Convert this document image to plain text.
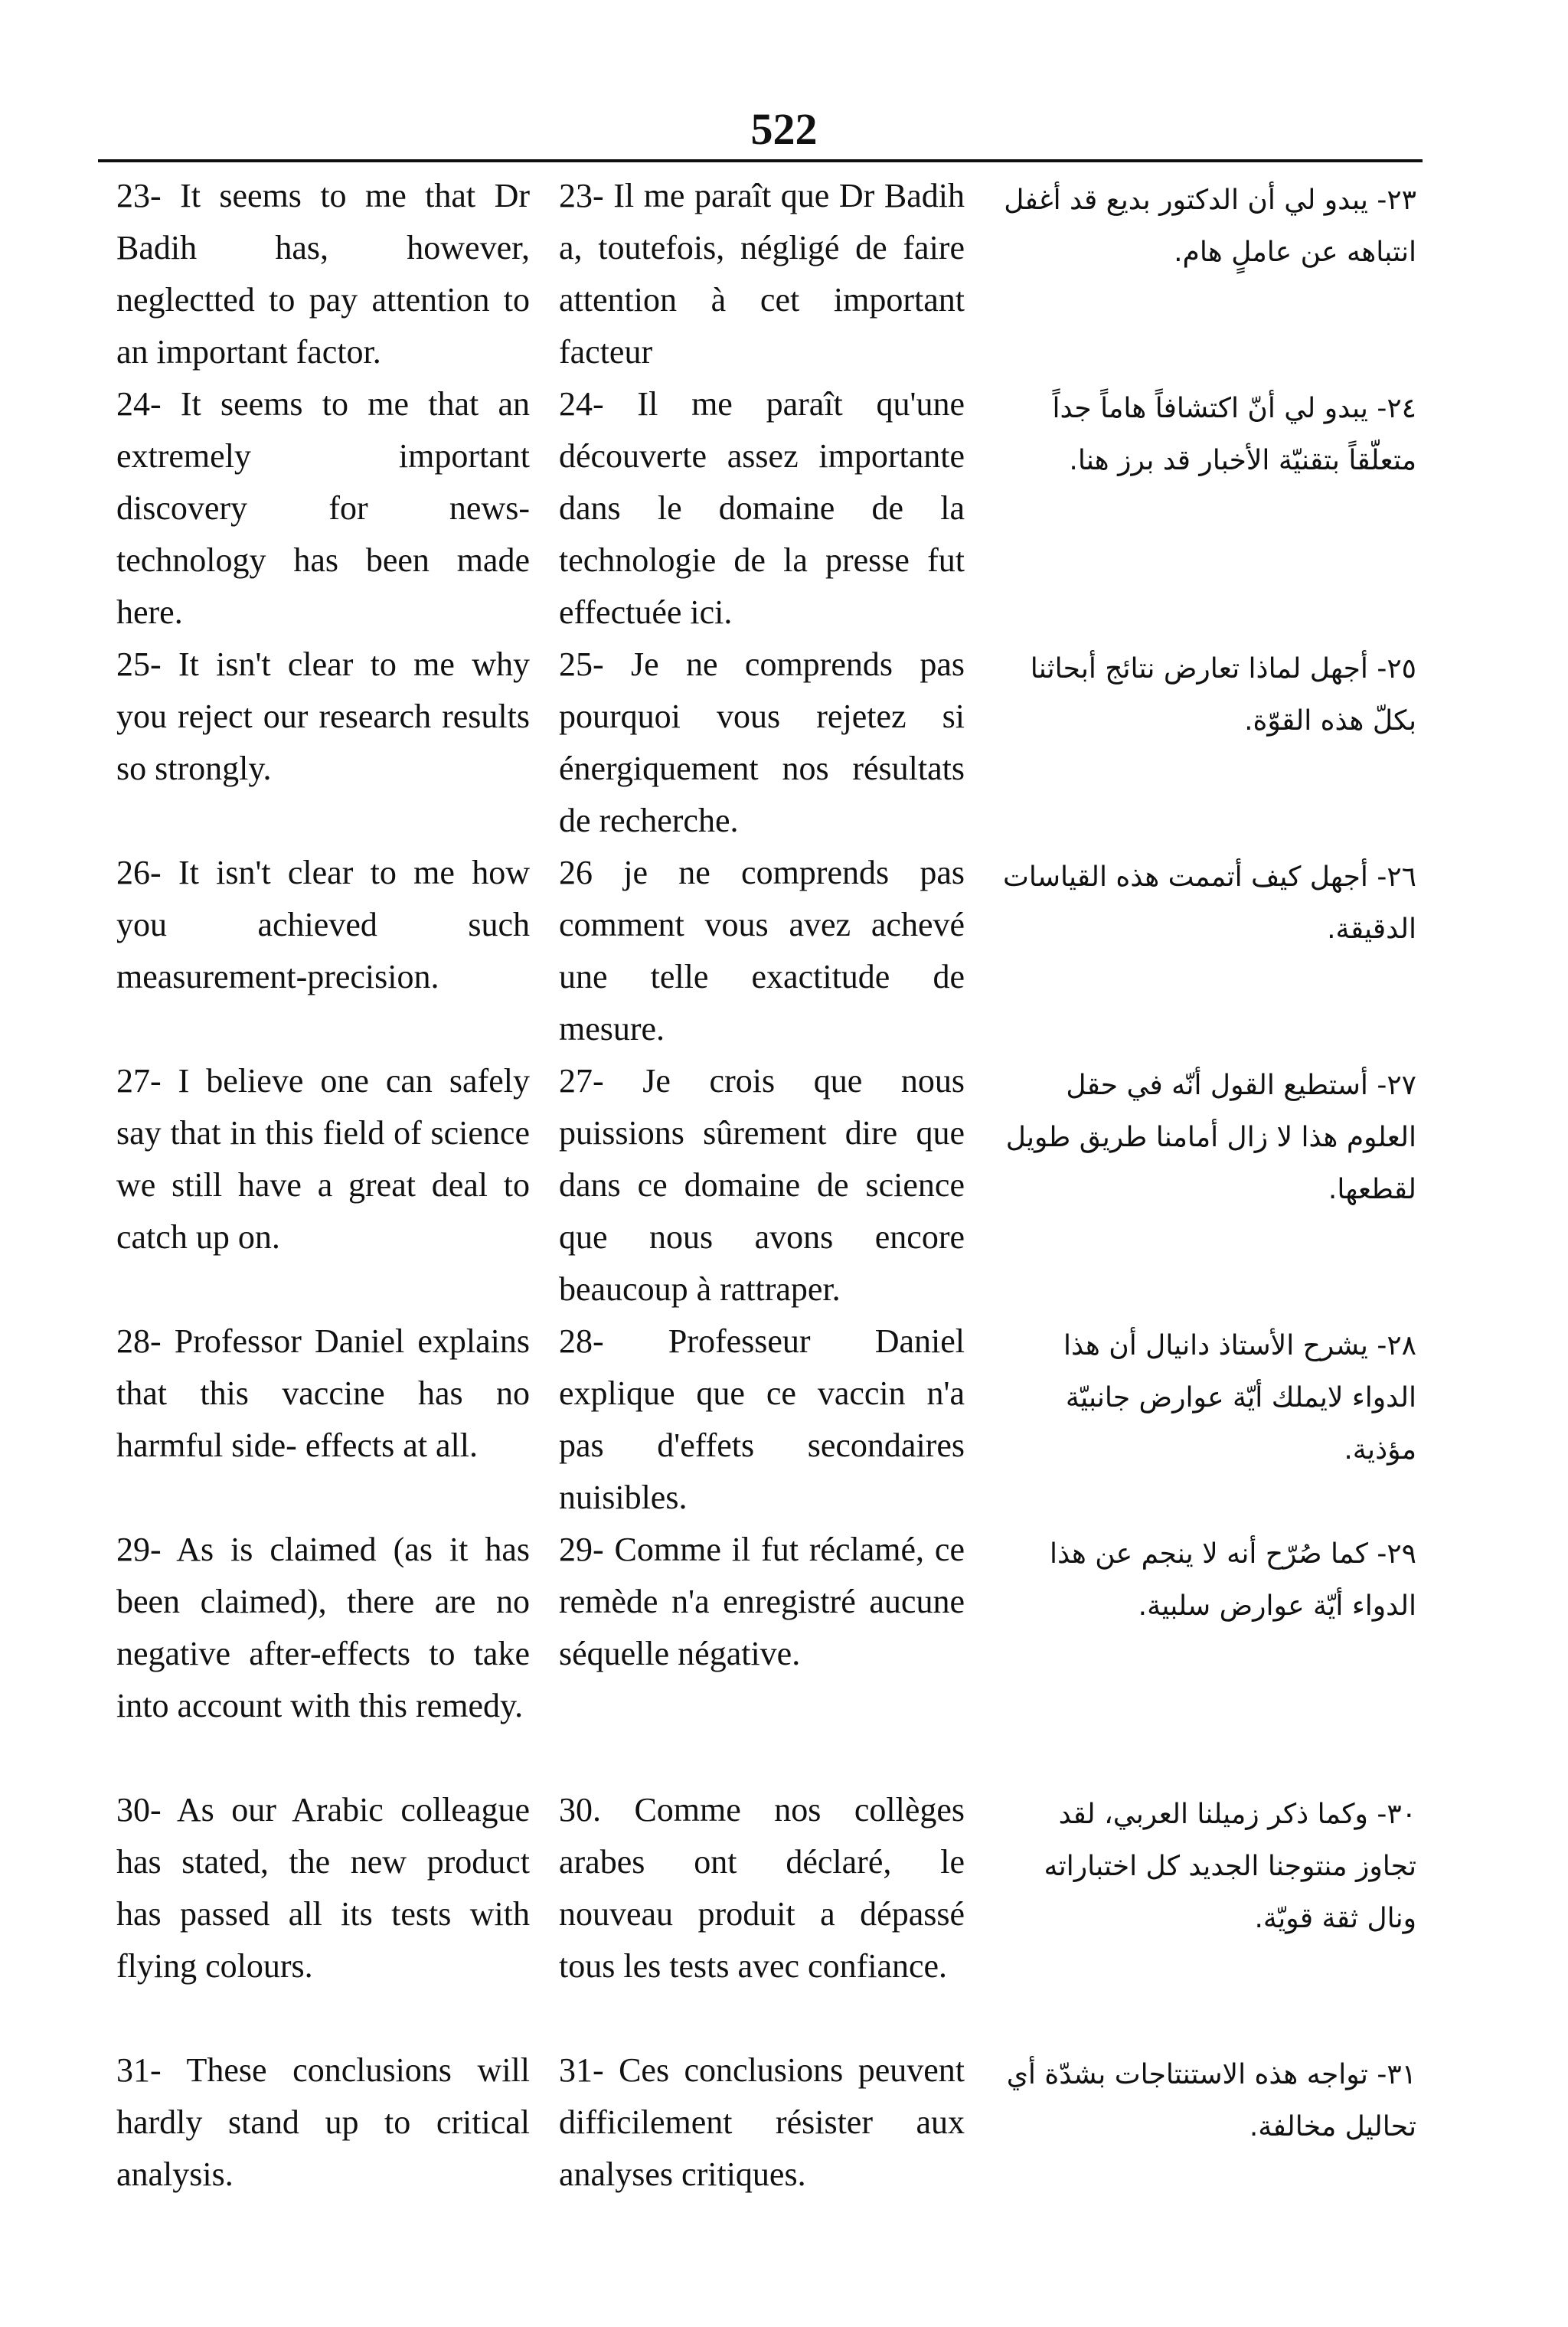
522
23- It seems to me that Dr Badih has, however, neglectted to pay attention to an important factor.
23- Il me paraît que Dr Badih a, toutefois, négligé de faire attention à cet important facteur
٢٣- يبدو لي أن الدكتور بديع قد أغفل انتباهه عن عاملٍ هام.
24- It seems to me that an extremely important discovery for news-technology has been made here.
24- Il me paraît qu'une découverte assez importante dans le domaine de la technologie de la presse fut effectuée ici.
٢٤- يبدو لي أنّ اكتشافاً هاماً جداً متعلّقاً بتقنيّة الأخبار قد برز هنا.
25- It isn't clear to me why you reject our research results so strongly.
25- Je ne comprends pas pourquoi vous rejetez si énergiquement nos résultats de recherche.
٢٥- أجهل لماذا تعارض نتائج أبحاثنا بكلّ هذه القوّة.
26- It isn't clear to me how you achieved such measurement-precision.
26 je ne comprends pas comment vous avez achevé une telle exactitude de mesure.
٢٦- أجهل كيف أتممت هذه القياسات الدقيقة.
27- I believe one can safely say that in this field of science we still have a great deal to catch up on.
27- Je crois que nous puissions sûrement dire que dans ce domaine de science que nous avons encore beaucoup à rattraper.
٢٧- أستطيع القول أنّه في حقل العلوم هذا لا زال أمامنا طريق طويل لقطعها.
28- Professor Daniel explains that this vaccine has no harmful side- effects at all.
28- Professeur Daniel explique que ce vaccin n'a pas d'effets secondaires nuisibles.
٢٨- يشرح الأستاذ دانيال أن هذا الدواء لايملك أيّة عوارض جانبيّة مؤذية.
29- As is claimed (as it has been claimed), there are no negative after-effects to take into account with this remedy.
29- Comme il fut réclamé, ce remède n'a enregistré aucune séquelle négative.
٢٩- كما صُرّح أنه لا ينجم عن هذا الدواء أيّة عوارض سلبية.
30- As our Arabic colleague has stated, the new product has passed all its tests with flying colours.
30. Comme nos collèges arabes ont déclaré, le nouveau produit a dépassé tous les tests avec confiance.
٣٠- وكما ذكر زميلنا العربي، لقد تجاوز منتوجنا الجديد كل اختباراته ونال ثقة قويّة.
31- These conclusions will hardly stand up to critical analysis.
31- Ces conclusions peuvent difficilement résister aux analyses critiques.
٣١- تواجه هذه الاستنتاجات بشدّة أي تحاليل مخالفة.
